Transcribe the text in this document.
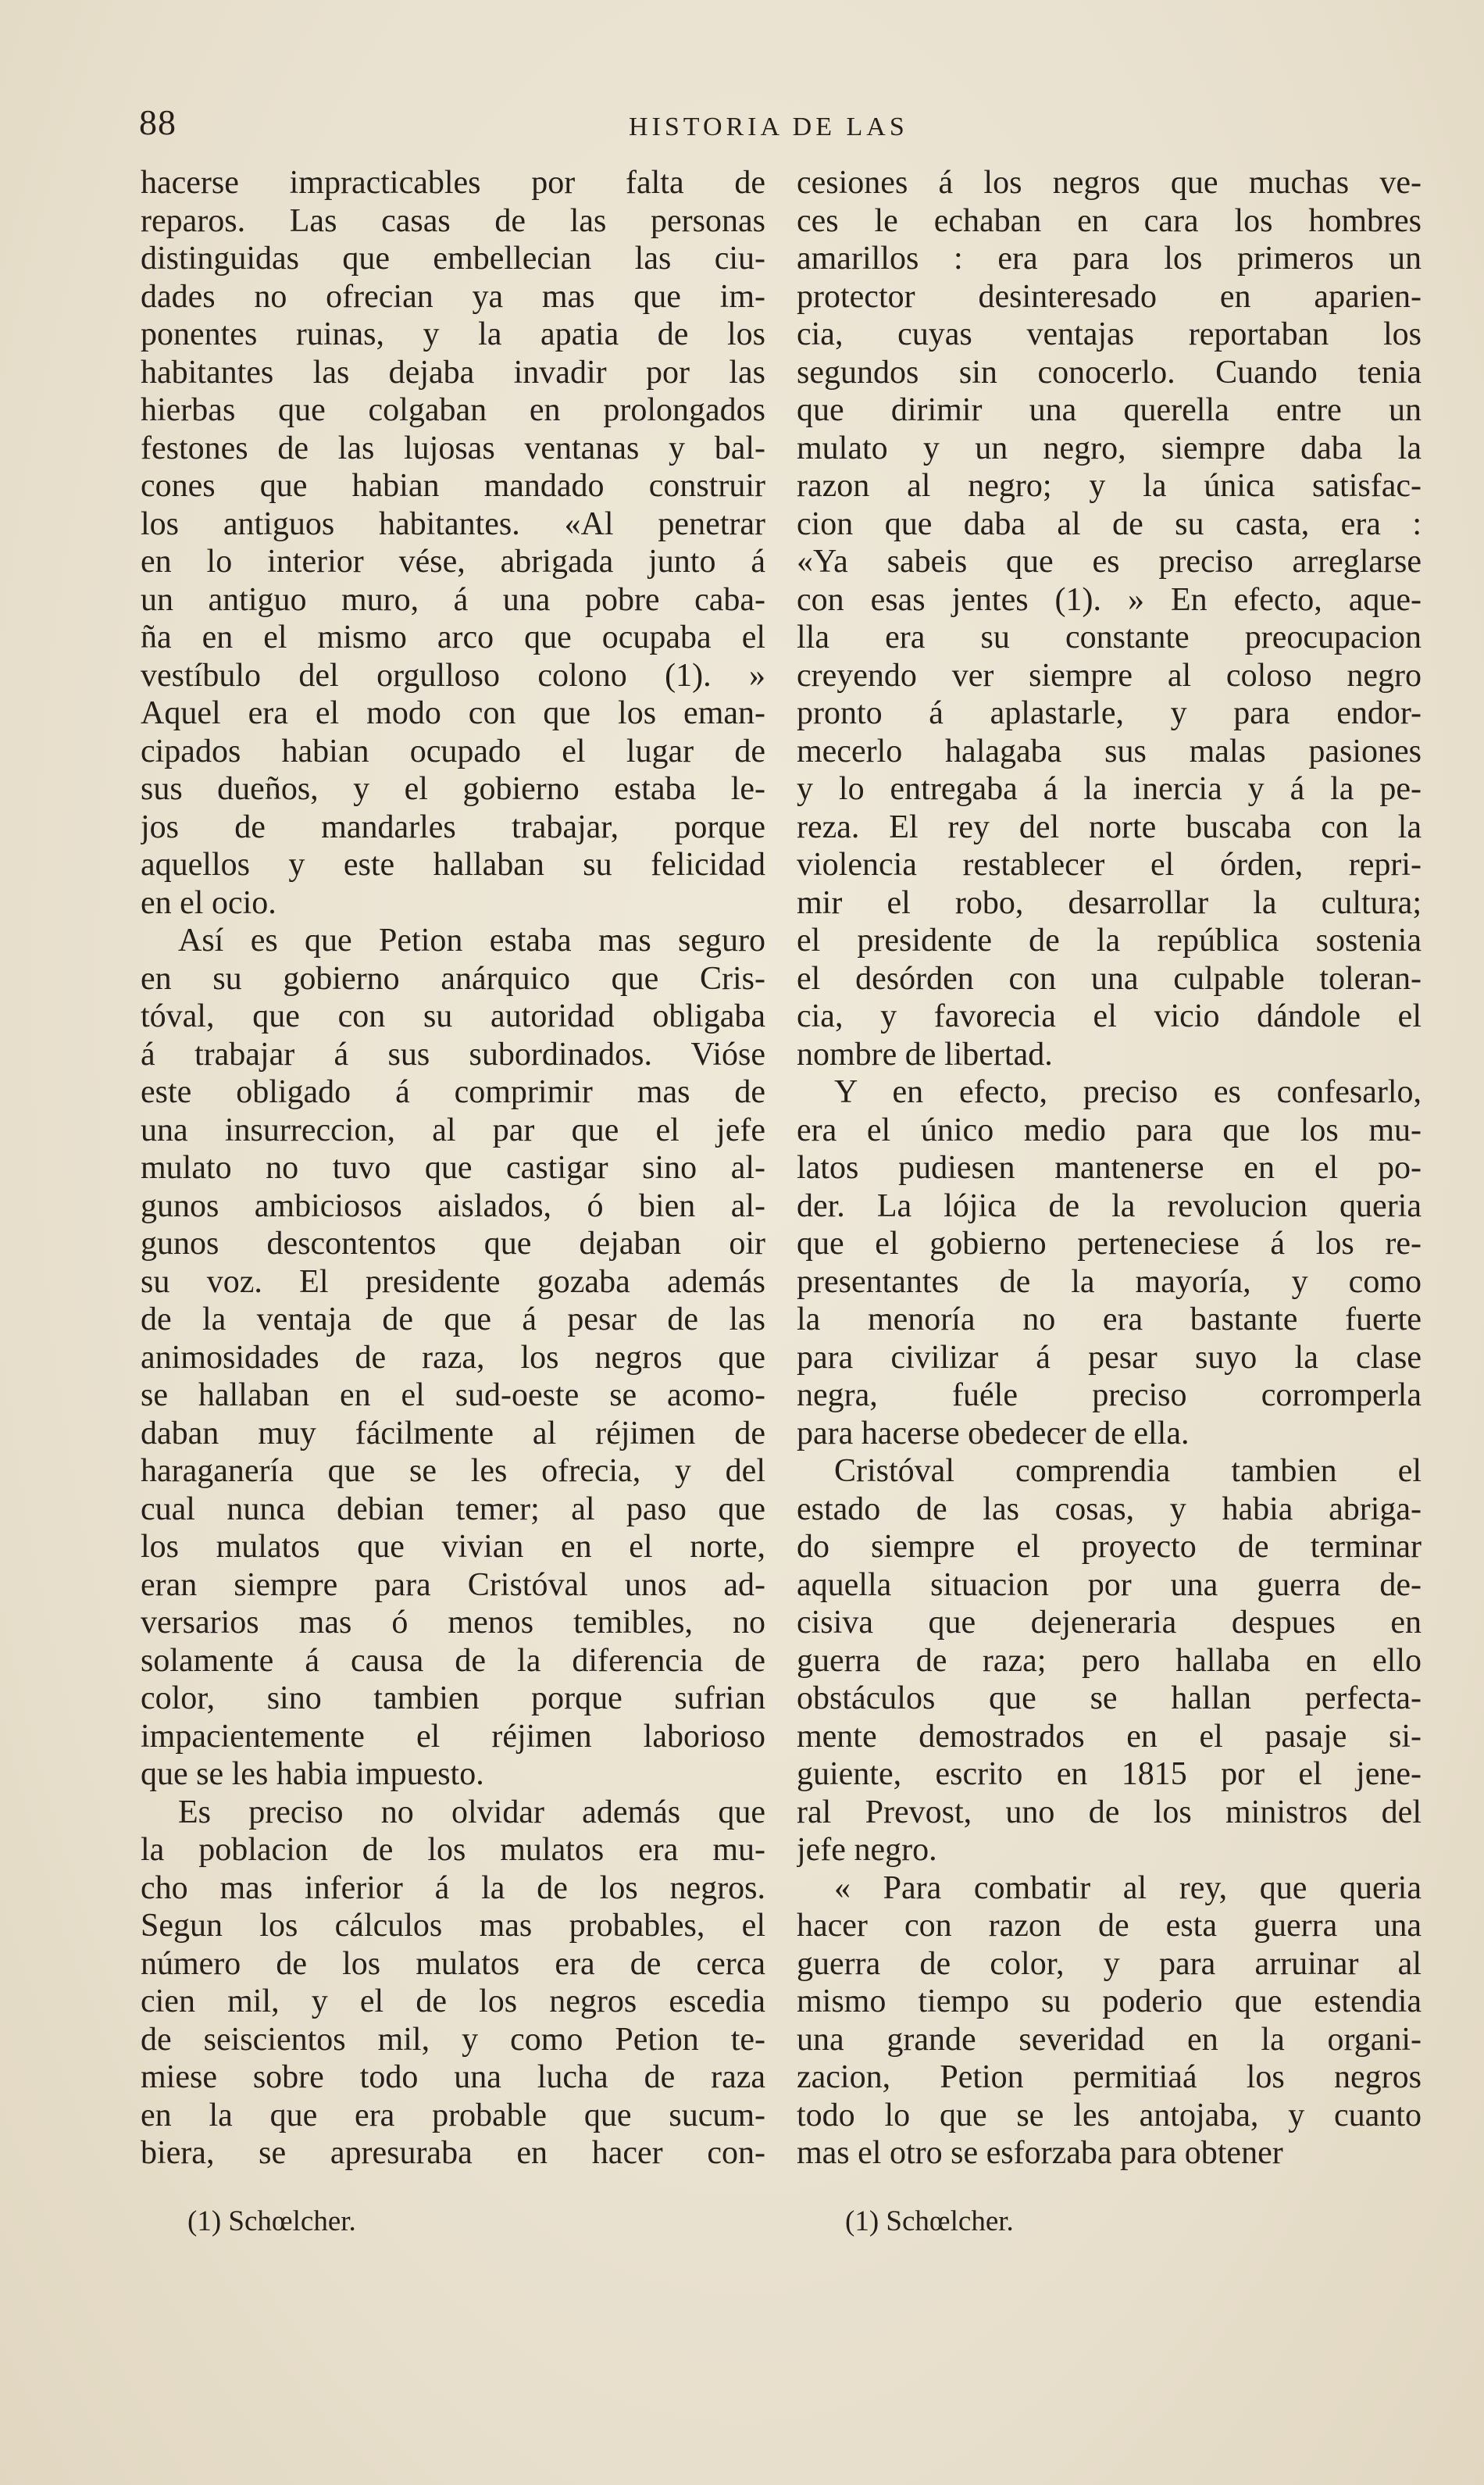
88	HISTORIA DE LAS
hacerse impracticables por falta de
reparos. Las casas de las personas
distinguidas que embellecian las ciu-
dades no ofrecian ya mas que im-
ponentes ruinas, y la apatia de los
habitantes las dejaba invadir por las
hierbas que colgaban en prolongados
festones de las lujosas ventanas y bal-
cones que habian mandado construir
los antiguos habitantes. «Al penetrar
en lo interior vése, abrigada junto á
un antiguo muro, á una pobre caba-
ña en el mismo arco que ocupaba el
vestíbulo del orgulloso colono (1). »
Aquel era el modo con que los eman-
cipados habian ocupado el lugar de
sus dueños, y el gobierno estaba le-
jos de mandarles trabajar, porque
aquellos y este hallaban su felicidad
en el ocio.
Así es que Petion estaba mas seguro
en su gobierno anárquico que Cris-
tóval, que con su autoridad obligaba
á trabajar á sus subordinados. Vióse
este obligado á comprimir mas de
una insurreccion, al par que el jefe
mulato no tuvo que castigar sino al-
gunos ambiciosos aislados, ó bien al-
gunos descontentos que dejaban oir
su voz. El presidente gozaba además
de la ventaja de que á pesar de las
animosidades de raza, los negros que
se hallaban en el sud-oeste se acomo-
daban muy fácilmente al réjimen de
haraganería que se les ofrecia, y del
cual nunca debian temer; al paso que
los mulatos que vivian en el norte,
eran siempre para Cristóval unos ad-
versarios mas ó menos temibles, no
solamente á causa de la diferencia de
color, sino tambien porque sufrian
impacientemente el réjimen laborioso
que se les habia impuesto.
Es preciso no olvidar además que
la poblacion de los mulatos era mu-
cho mas inferior á la de los negros.
Segun los cálculos mas probables, el
número de los mulatos era de cerca
cien mil, y el de los negros escedia
de seiscientos mil, y como Petion te-
miese sobre todo una lucha de raza
en la que era probable que sucum-
biera, se apresuraba en hacer con-
cesiones á los negros que muchas ve-
ces le echaban en cara los hombres
amarillos : era para los primeros un
protector desinteresado en aparien-
cia, cuyas ventajas reportaban los
segundos sin conocerlo. Cuando tenia
que dirimir una querella entre un
mulato y un negro, siempre daba la
razon al negro; y la única satisfac-
cion que daba al de su casta, era :
«Ya sabeis que es preciso arreglarse
con esas jentes (1). » En efecto, aque-
lla era su constante preocupacion
creyendo ver siempre al coloso negro
pronto á aplastarle, y para endor-
mecerlo halagaba sus malas pasiones
y lo entregaba á la inercia y á la pe-
reza. El rey del norte buscaba con la
violencia restablecer el órden, repri-
mir el robo, desarrollar la cultura;
el presidente de la república sostenia
el desórden con una culpable toleran-
cia, y favorecia el vicio dándole el
nombre de libertad.
Y en efecto, preciso es confesarlo,
era el único medio para que los mu-
latos pudiesen mantenerse en el po-
der. La lójica de la revolucion queria
que el gobierno perteneciese á los re-
presentantes de la mayoría, y como
la menoría no era bastante fuerte
para civilizar á pesar suyo la clase
negra, fuéle preciso corromperla
para hacerse obedecer de ella.
Cristóval comprendia tambien el
estado de las cosas, y habia abriga-
do siempre el proyecto de terminar
aquella situacion por una guerra de-
cisiva que dejeneraria despues en
guerra de raza; pero hallaba en ello
obstáculos que se hallan perfecta-
mente demostrados en el pasaje si-
guiente, escrito en 1815 por el jene-
ral Prevost, uno de los ministros del
jefe negro.
« Para combatir al rey, que queria
hacer con razon de esta guerra una
guerra de color, y para arruinar al
mismo tiempo su poderio que estendia
una grande severidad en la organi-
zacion, Petion permitiaá los negros
todo lo que se les antojaba, y cuanto
mas el otro se esforzaba para obtener
(1) Schœlcher.	(1) Schœlcher.
